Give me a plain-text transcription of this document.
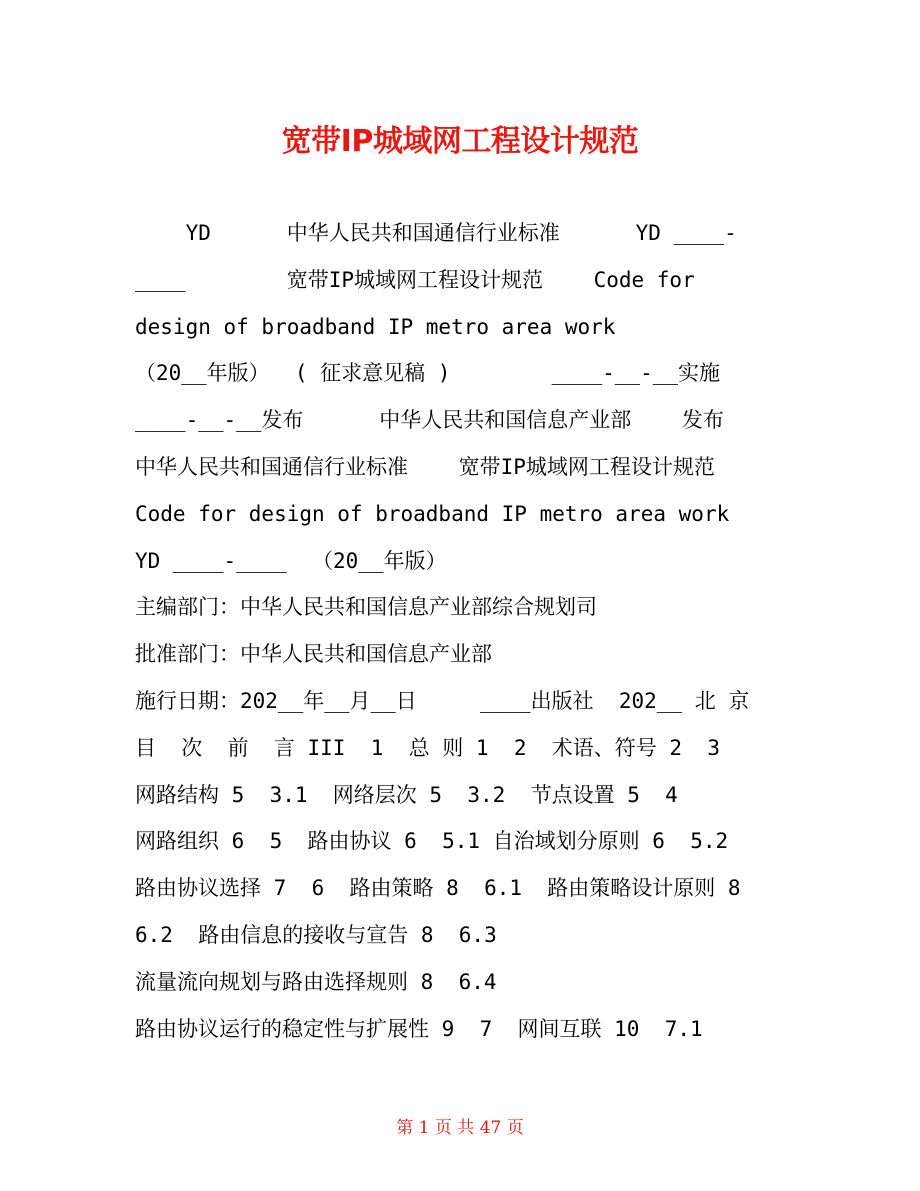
宽带IP城域网工程设计规范
YD      中华人民共和国通信行业标准      YD ____-
____        宽带IP城域网工程设计规范    Code for
design of broadband IP metro area work
（20__年版）  ( 征求意见稿 )        ____-__-__实施
____-__-__发布      中华人民共和国信息产业部    发布
中华人民共和国通信行业标准    宽带IP城域网工程设计规范
Code for design of broadband IP metro area work
YD ____-____  （20__年版）
主编部门：中华人民共和国信息产业部综合规划司
批准部门：中华人民共和国信息产业部
施行日期：202__年__月__日     ____出版社  202__ 北 京
目  次  前  言 III  1  总 则 1  2  术语、符号 2  3
网路结构 5  3.1  网络层次 5  3.2  节点设置 5  4
网路组织 6  5  路由协议 6  5.1 自治域划分原则 6  5.2
路由协议选择 7  6  路由策略 8  6.1  路由策略设计原则 8
6.2  路由信息的接收与宣告 8  6.3
流量流向规划与路由选择规则 8  6.4
路由协议运行的稳定性与扩展性 9  7  网间互联 10  7.1
第 1 页 共 47 页
